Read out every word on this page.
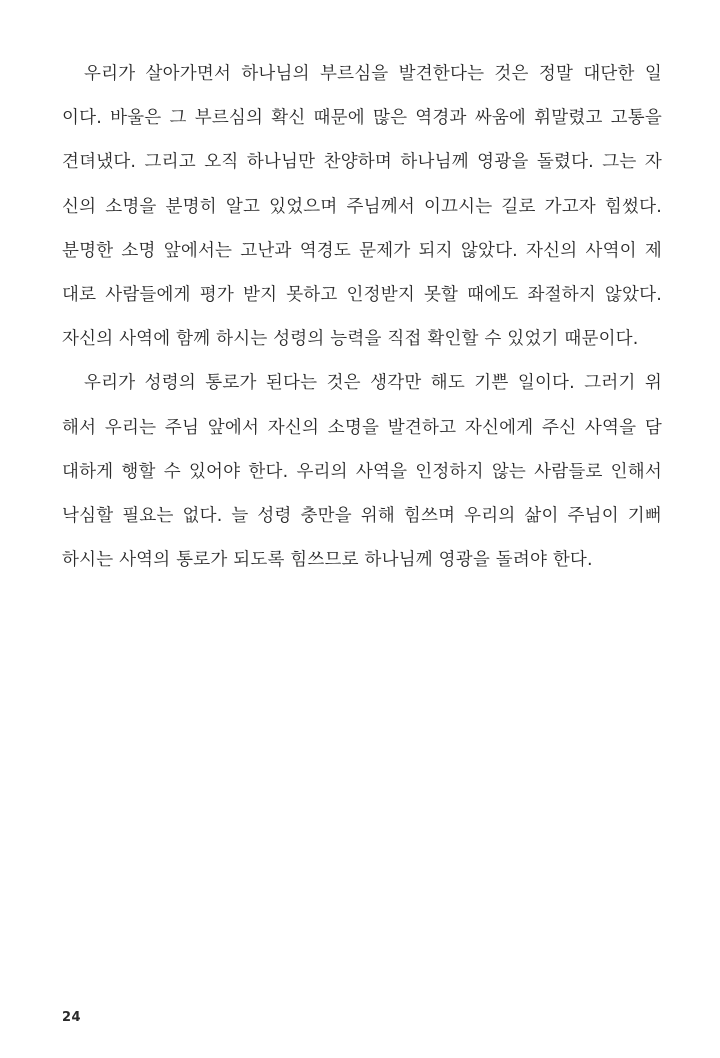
우리가 살아가면서 하나님의 부르심을 발견한다는 것은 정말 대단한 일
이다. 바울은 그 부르심의 확신 때문에 많은 역경과 싸움에 휘말렸고 고통을
견뎌냈다. 그리고 오직 하나님만 찬양하며 하나님께 영광을 돌렸다. 그는 자
신의 소명을 분명히 알고 있었으며 주님께서 이끄시는 길로 가고자 힘썼다.
분명한 소명 앞에서는 고난과 역경도 문제가 되지 않았다. 자신의 사역이 제
대로 사람들에게 평가 받지 못하고 인정받지 못할 때에도 좌절하지 않았다.
자신의 사역에 함께 하시는 성령의 능력을 직접 확인할 수 있었기 때문이다.
우리가 성령의 통로가 된다는 것은 생각만 해도 기쁜 일이다. 그러기 위
해서 우리는 주님 앞에서 자신의 소명을 발견하고 자신에게 주신 사역을 담
대하게 행할 수 있어야 한다. 우리의 사역을 인정하지 않는 사람들로 인해서
낙심할 필요는 없다. 늘 성령 충만을 위해 힘쓰며 우리의 삶이 주님이 기뻐
하시는 사역의 통로가 되도록 힘쓰므로 하나님께 영광을 돌려야 한다.
24
